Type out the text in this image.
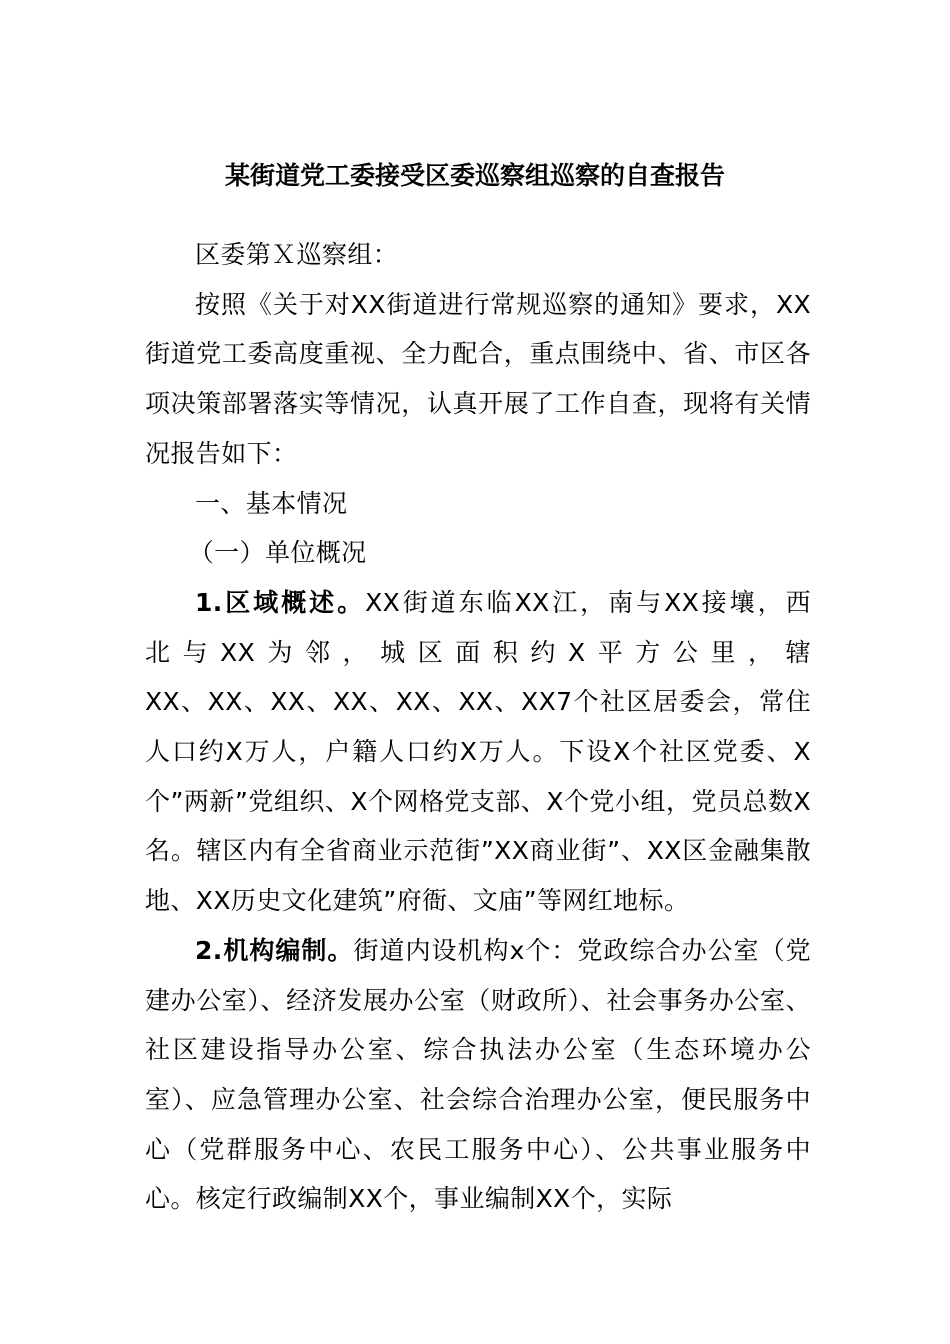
某街道党工委接受区委巡察组巡察的自查报告

区委第Ｘ巡察组：

按照《关于对XX街道进行常规巡察的通知》要求，XX街道党工委高度重视、全力配合，重点围绕中、省、市区各项决策部署落实等情况，认真开展了工作自查，现将有关情况报告如下：

一、基本情况

（一）单位概况

1.区域概述。XX街道东临XX江，南与XX接壤，西

北与XX为邻，城区面积约X平方公里，辖

XX、XX、XX、XX、XX、XX、XX7个社区居委会，常住人口约X万人，户籍人口约X万人。下设X个社区党委、X个”两新”党组织、X个网格党支部、X个党小组，党员总数X名。辖区内有全省商业示范街”XX商业街”、XX区金融集散地、XX历史文化建筑”府衙、文庙”等网红地标。

2.机构编制。街道内设机构x个：党政综合办公室（党建办公室）、经济发展办公室（财政所）、社会事务办公室、社区建设指导办公室、综合执法办公室（生态环境办公室）、应急管理办公室、社会综合治理办公室，便民服务中心（党群服务中心、农民工服务中心）、公共事业服务中心。核定行政编制XX个，事业编制XX个，实际
